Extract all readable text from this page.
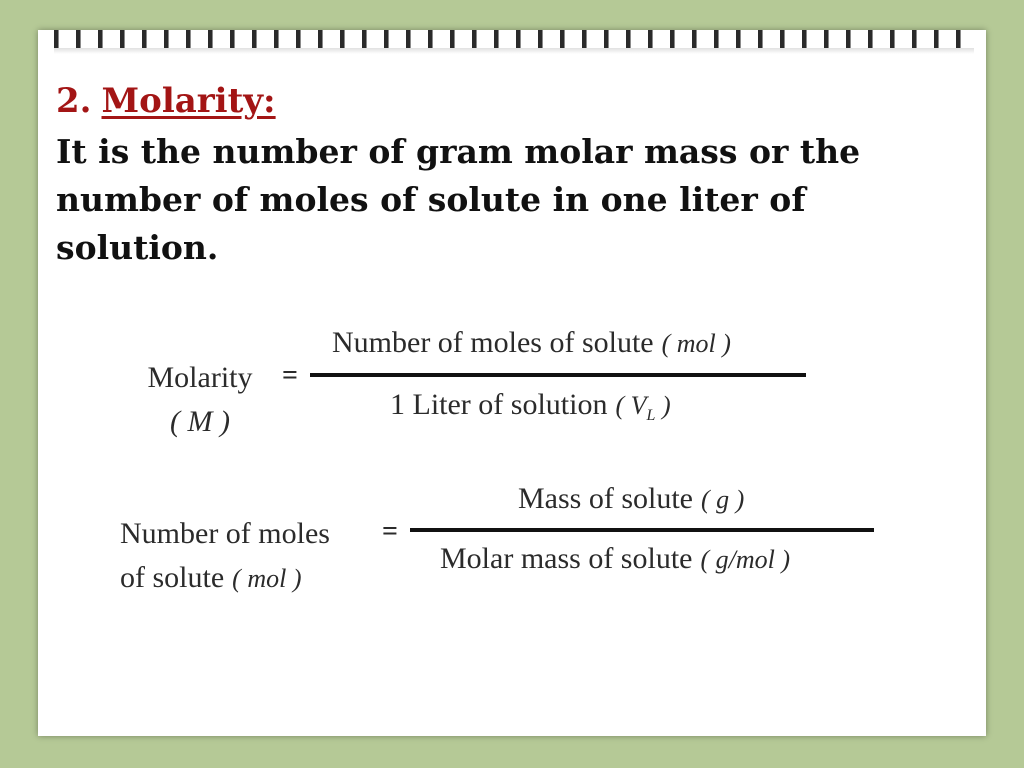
2. Molarity:
It is the number of gram molar mass or the number of moles of solute in one liter of solution.
Molarity
( M )
=
Number of moles of solute ( mol )
1 Liter of solution ( $V_L$ )
Number of moles
of solute ( mol )
=
Mass of solute ( g )
Molar mass of solute ( g/mol )
